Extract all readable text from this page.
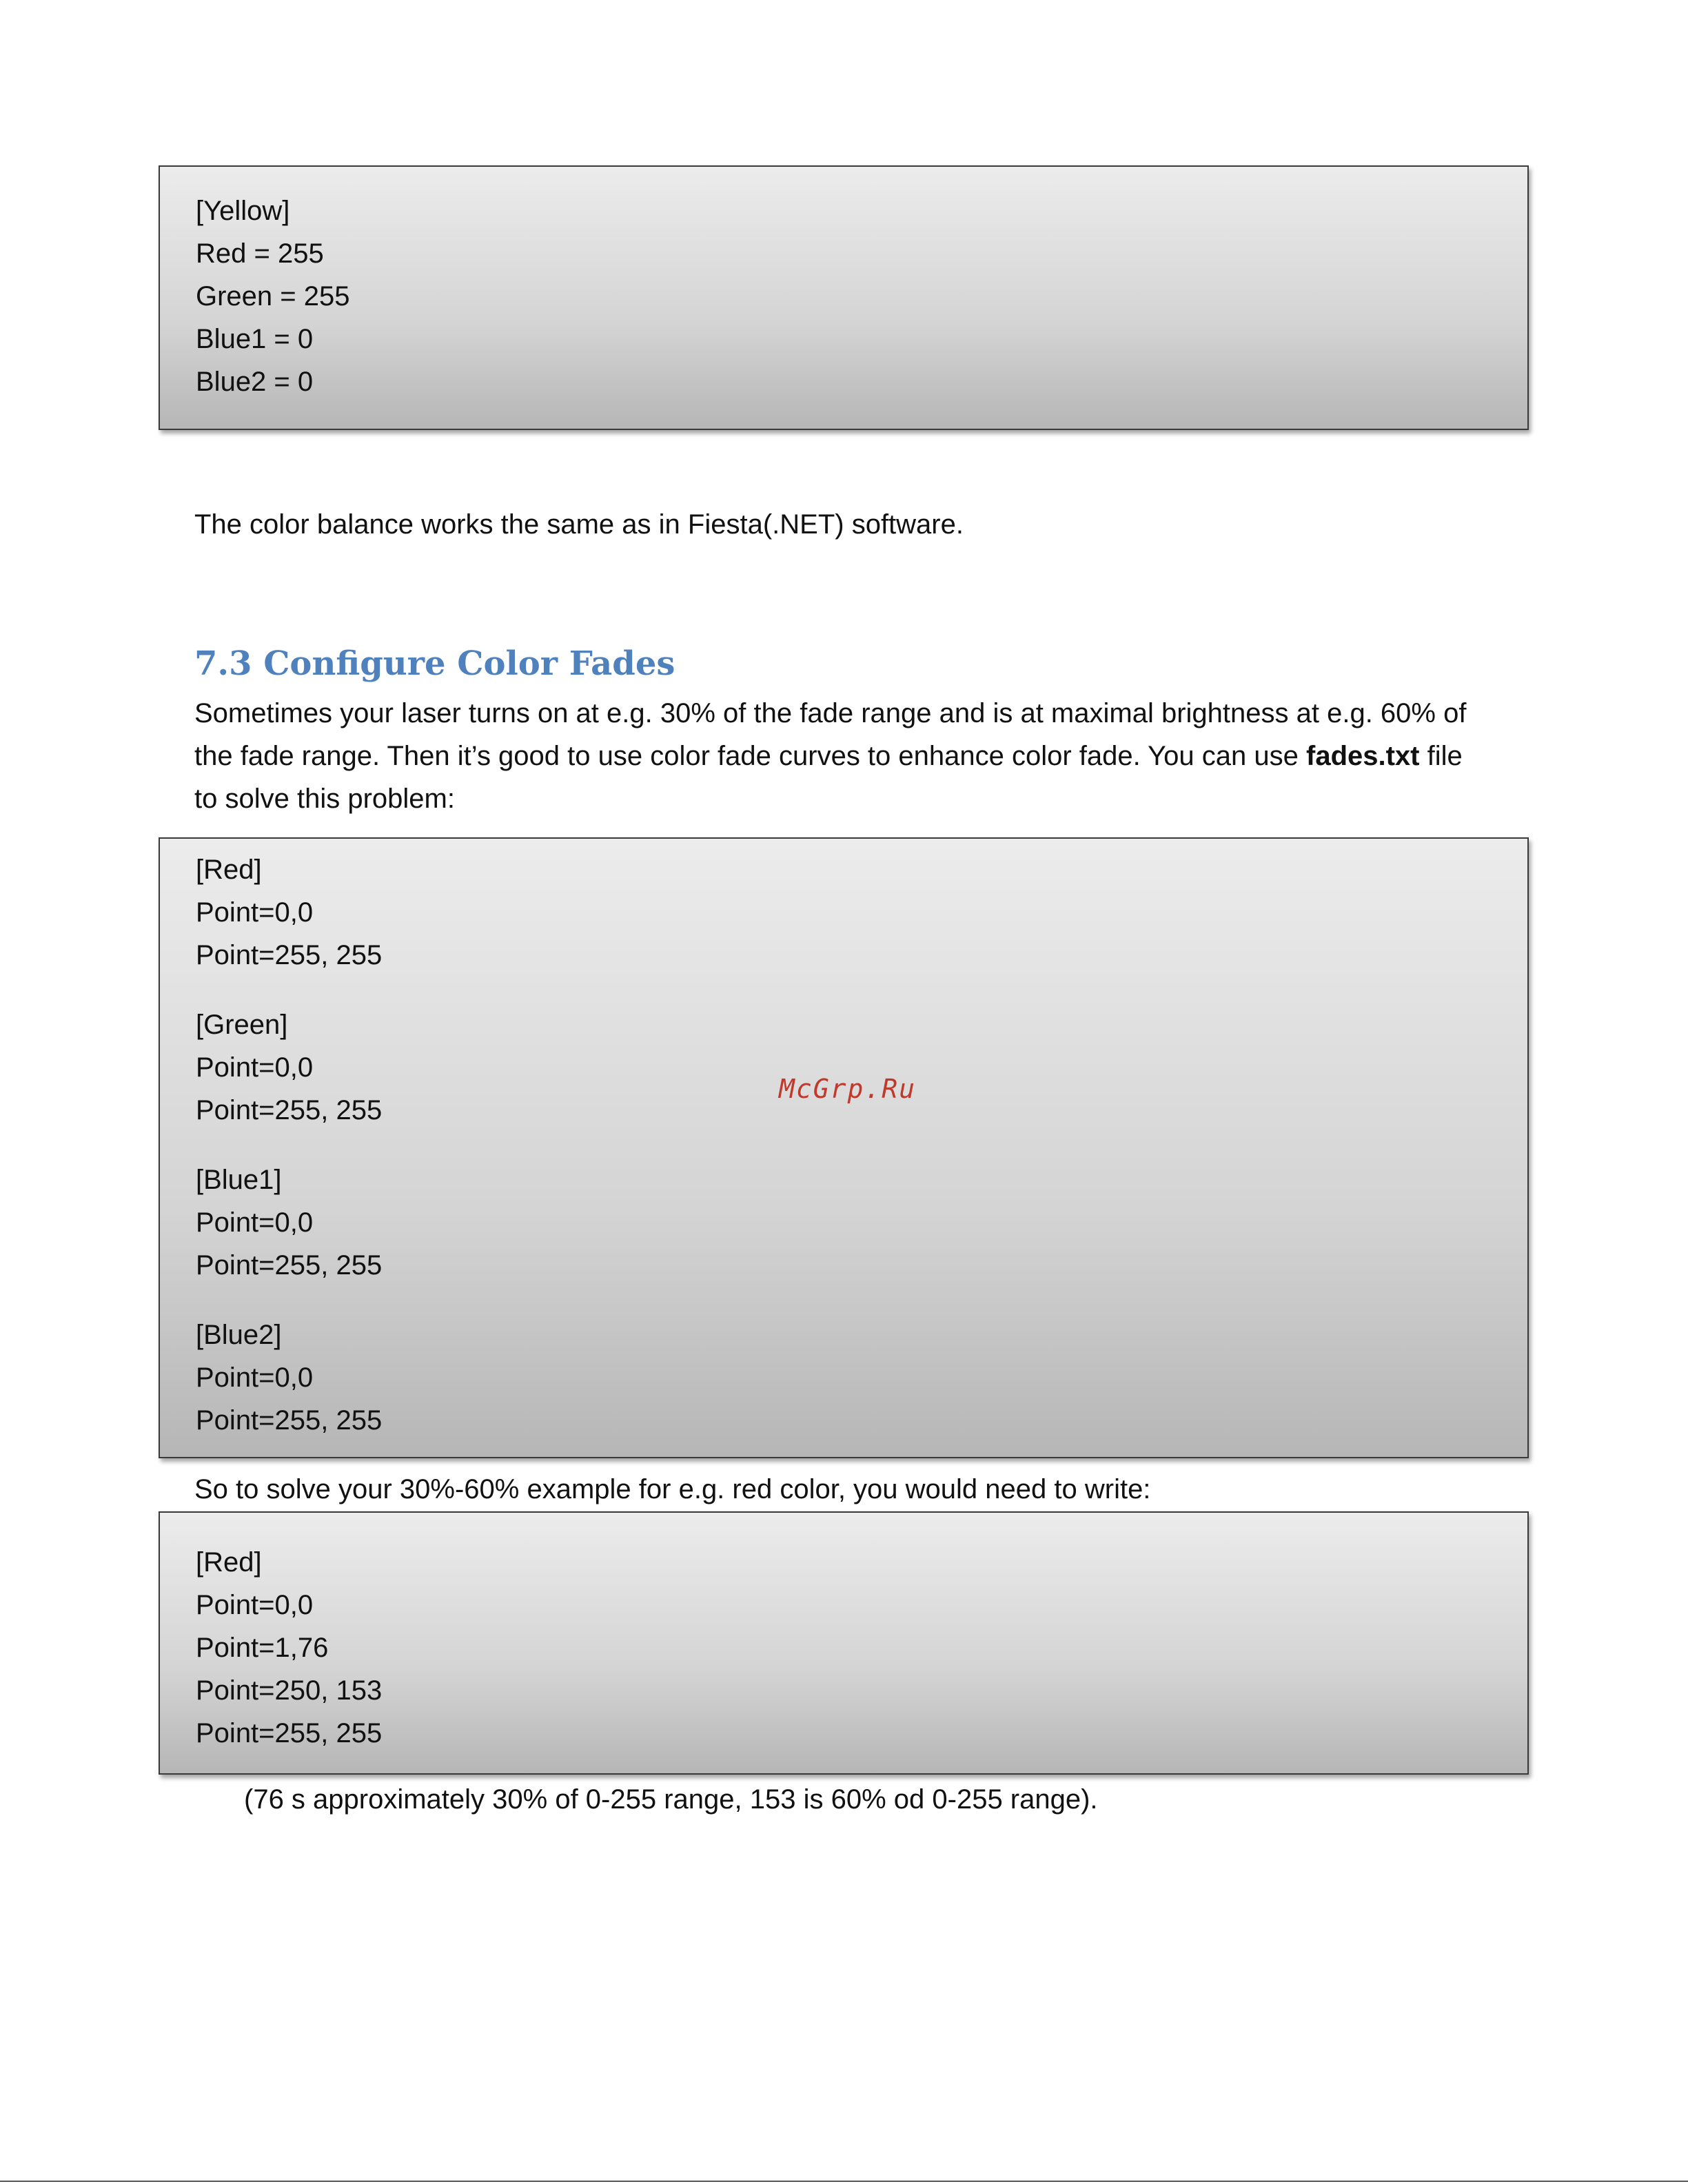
[Yellow]
Red = 255
Green = 255
Blue1 = 0
Blue2 = 0
The color balance works the same as in Fiesta(.NET) software.
7.3 Configure Color Fades
Sometimes your laser turns on at e.g. 30% of the fade range and is at maximal brightness at e.g. 60% of
the fade range. Then it’s good to use color fade curves to enhance color fade. You can use fades.txt file
to solve this problem:
[Red]
Point=0,0
Point=255, 255
[Green]
Point=0,0
Point=255, 255
[Blue1]
Point=0,0
Point=255, 255
[Blue2]
Point=0,0
Point=255, 255
McGrp.Ru
So to solve your 30%-60% example for e.g. red color, you would need to write:
[Red]
Point=0,0
Point=1,76
Point=250, 153
Point=255, 255
(76 s approximately 30% of 0-255 range, 153 is 60% od 0-255 range).
